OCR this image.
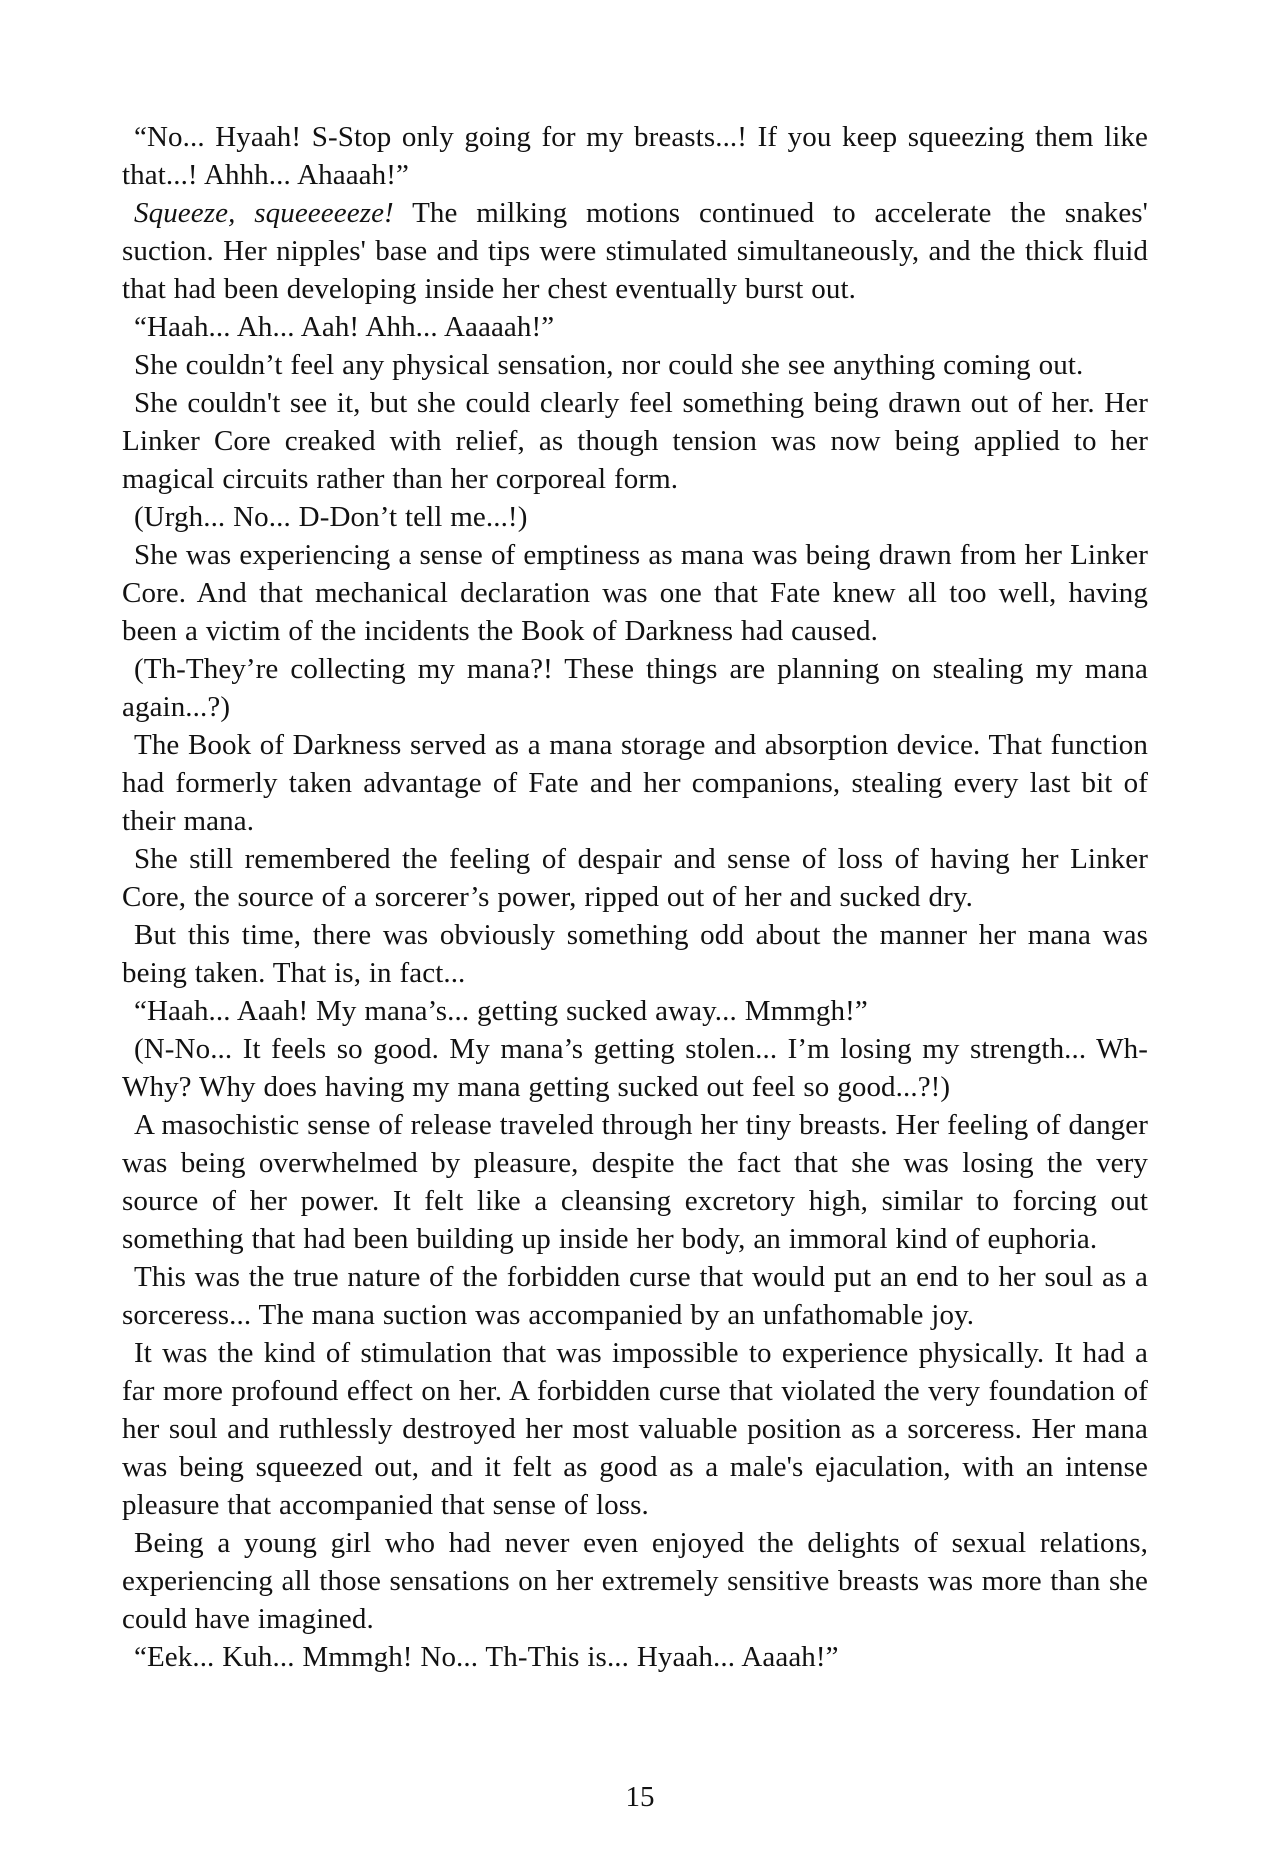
“No... Hyaah! S-Stop only going for my breasts...! If you keep squeezing them like that...! Ahhh... Ahaaah!”

Squeeze, squeeeeeze! The milking motions continued to accelerate the snakes' suction. Her nipples' base and tips were stimulated simultaneously, and the thick fluid that had been developing inside her chest eventually burst out.

“Haah... Ah... Aah! Ahh... Aaaaah!”

She couldn’t feel any physical sensation, nor could she see anything coming out.

She couldn't see it, but she could clearly feel something being drawn out of her. Her Linker Core creaked with relief, as though tension was now being applied to her magical circuits rather than her corporeal form.

(Urgh... No... D-Don’t tell me...!)

She was experiencing a sense of emptiness as mana was being drawn from her Linker Core. And that mechanical declaration was one that Fate knew all too well, having been a victim of the incidents the Book of Darkness had caused.

(Th-They’re collecting my mana?! These things are planning on stealing my mana again...?)

The Book of Darkness served as a mana storage and absorption device. That function had formerly taken advantage of Fate and her companions, stealing every last bit of their mana.

She still remembered the feeling of despair and sense of loss of having her Linker Core, the source of a sorcerer’s power, ripped out of her and sucked dry.

But this time, there was obviously something odd about the manner her mana was being taken. That is, in fact...

“Haah... Aaah! My mana’s... getting sucked away... Mmmgh!”

(N-No... It feels so good. My mana’s getting stolen... I’m losing my strength... Wh-Why? Why does having my mana getting sucked out feel so good...?!)

A masochistic sense of release traveled through her tiny breasts. Her feeling of danger was being overwhelmed by pleasure, despite the fact that she was losing the very source of her power. It felt like a cleansing excretory high, similar to forcing out something that had been building up inside her body, an immoral kind of euphoria.

This was the true nature of the forbidden curse that would put an end to her soul as a sorceress... The mana suction was accompanied by an unfathomable joy.

It was the kind of stimulation that was impossible to experience physically. It had a far more profound effect on her. A forbidden curse that violated the very foundation of her soul and ruthlessly destroyed her most valuable position as a sorceress. Her mana was being squeezed out, and it felt as good as a male's ejaculation, with an intense pleasure that accompanied that sense of loss.

Being a young girl who had never even enjoyed the delights of sexual relations, experiencing all those sensations on her extremely sensitive breasts was more than she could have imagined.

“Eek... Kuh... Mmmgh! No... Th-This is... Hyaah... Aaaah!”

15
